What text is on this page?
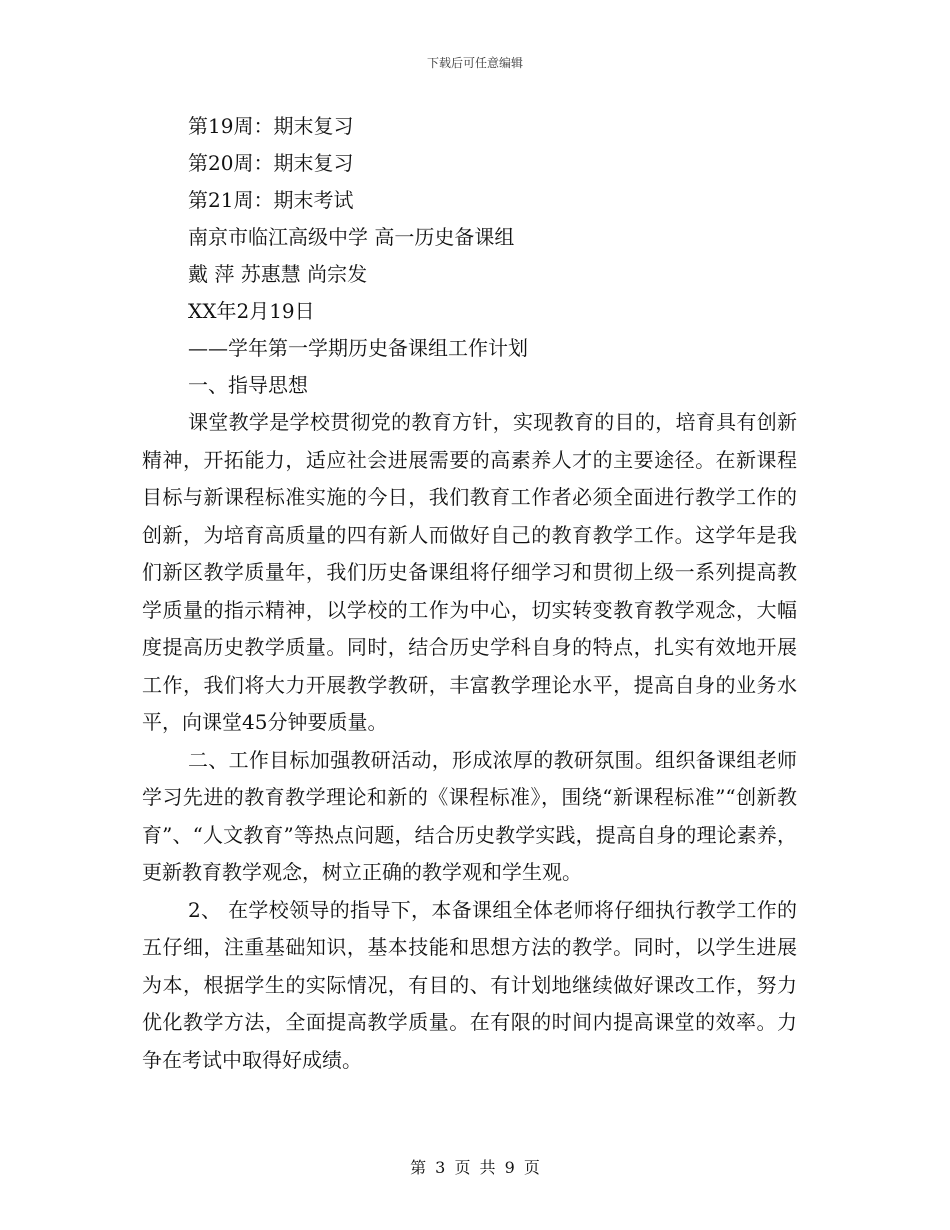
下载后可任意编辑
第19周：期末复习
第20周：期末复习
第21周：期末考试
南京市临江高级中学 高一历史备课组
戴 萍 苏惠慧 尚宗发
XX年2月19日
——学年第一学期历史备课组工作计划
一、指导思想

课堂教学是学校贯彻党的教育方针，实现教育的目的，培育具有创新精神，开拓能力，适应社会进展需要的高素养人才的主要途径。在新课程目标与新课程标准实施的今日，我们教育工作者必须全面进行教学工作的创新，为培育高质量的四有新人而做好自己的教育教学工作。这学年是我们新区教学质量年，我们历史备课组将仔细学习和贯彻上级一系列提高教学质量的指示精神，以学校的工作为中心，切实转变教育教学观念，大幅度提高历史教学质量。同时，结合历史学科自身的特点，扎实有效地开展工作，我们将大力开展教学教研，丰富教学理论水平，提高自身的业务水平，向课堂45分钟要质量。

二、工作目标加强教研活动，形成浓厚的教研氛围。组织备课组老师学习先进的教育教学理论和新的《课程标准》，围绕“新课程标准”“创新教育”、“人文教育”等热点问题，结合历史教学实践，提高自身的理论素养，更新教育教学观念，树立正确的教学观和学生观。

2、 在学校领导的指导下，本备课组全体老师将仔细执行教学工作的五仔细，注重基础知识，基本技能和思想方法的教学。同时，以学生进展为本，根据学生的实际情况，有目的、有计划地继续做好课改工作，努力优化教学方法，全面提高教学质量。在有限的时间内提高课堂的效率。力争在考试中取得好成绩。

第 3 页 共 9 页
